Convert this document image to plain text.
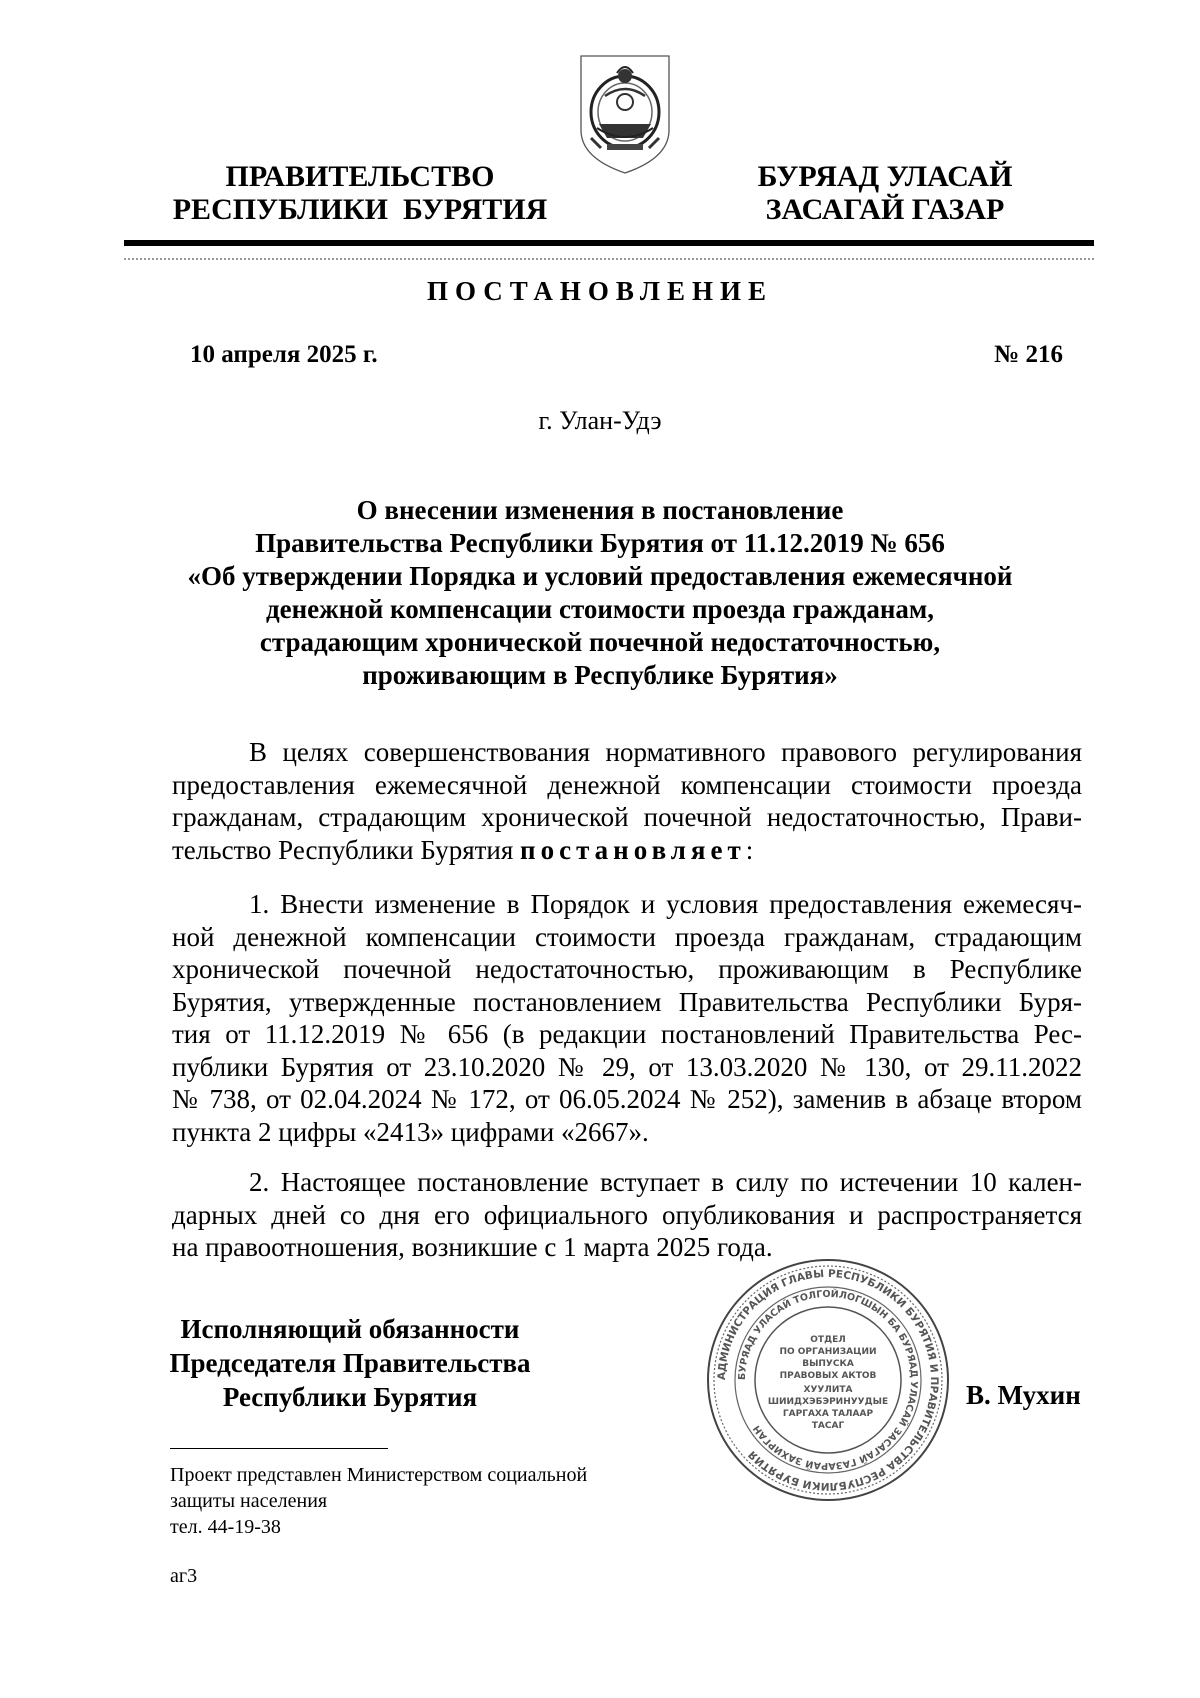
ПРАВИТЕЛЬСТВО
РЕСПУБЛИКИ  БУРЯТИЯ
БУРЯАД УЛАСАЙ
ЗАСАГАЙ ГАЗАР
ПОСТАНОВЛЕНИЕ
10 апреля 2025 г.	№ 216
г. Улан-Удэ
О внесении изменения в постановление
Правительства Республики Бурятия от 11.12.2019 № 656
«Об утверждении Порядка и условий предоставления ежемесячной
денежной компенсации стоимости проезда гражданам,
страдающим хронической почечной недостаточностью,
проживающим в Республике Бурятия»
В целях совершенствования нормативного правового регулирования
предоставления ежемесячной денежной компенсации стоимости проезда
гражданам, страдающим хронической почечной недостаточностью, Прави-
тельство Республики Бурятия постановляет:
1. Внести изменение в Порядок и условия предоставления ежемесяч-
ной денежной компенсации стоимости проезда гражданам, страдающим
хронической почечной недостаточностью, проживающим в Республике
Бурятия, утвержденные постановлением Правительства Республики Буря-
тия от 11.12.2019 № 656 (в редакции постановлений Правительства Рес-
публики Бурятия от 23.10.2020 № 29, от 13.03.2020 № 130, от 29.11.2022
№ 738, от 02.04.2024 № 172, от 06.05.2024 № 252), заменив в абзаце втором
пункта 2 цифры «2413» цифрами «2667».
2. Настоящее постановление вступает в силу по истечении 10 кален-
дарных дней со дня его официального опубликования и распространяется
на правоотношения, возникшие с 1 марта 2025 года.
Исполняющий обязанности
Председателя Правительства
Республики Бурятия	В. Мухин
АДМИНИСТРАЦИЯ ГЛАВЫ РЕСПУБЛИКИ БУРЯТИЯ И ПРАВИТЕЛЬСТВА РЕСПУБЛИКИ БУРЯТИЯ
БУРЯАД УЛАСАЙ ТОЛГОЙЛОГШЫН БА БУРЯАД УЛАСАЙ ЗАСАГАЙ ГАЗАРАЙ ЗАХИРГАН
ОТДЕЛ
ПО ОРГАНИЗАЦИИ
ВЫПУСКА
ПРАВОВЫХ АКТОВ
ХУУЛИТА
ШИИДХЭБЭРИНУУДЫЕ
ГАРГАХА ТАЛААР
ТАСАГ
Проект представлен Министерством социальной
защиты населения
тел. 44-19-38
аг3
